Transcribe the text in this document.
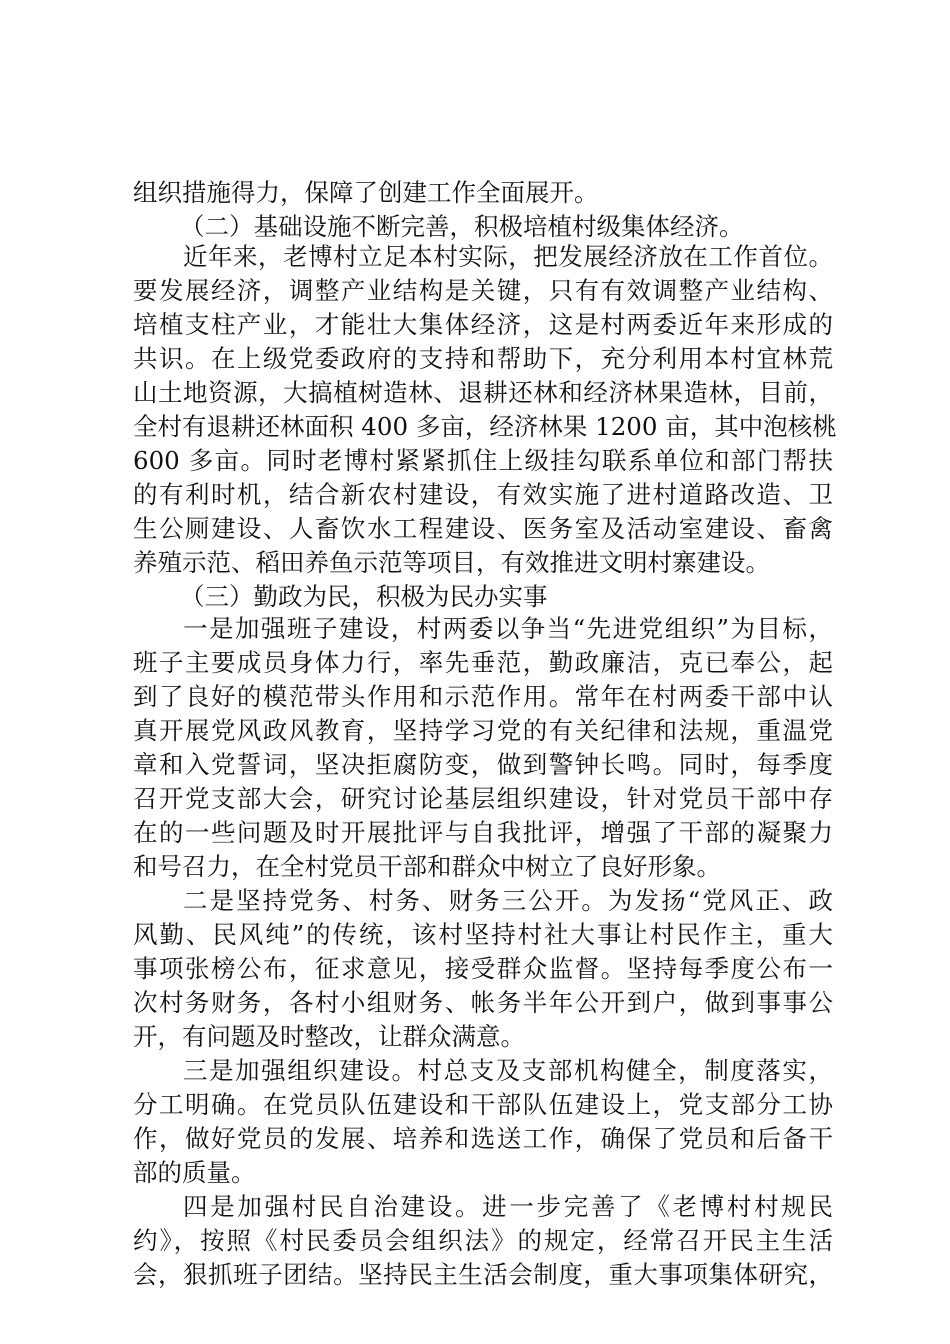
组织措施得力，保障了创建工作全面展开。

（二）基础设施不断完善，积极培植村级集体经济。

近年来，老博村立足本村实际，把发展经济放在工作首位。

要发展经济，调整产业结构是关键，只有有效调整产业结构、

培植支柱产业，才能壮大集体经济，这是村两委近年来形成的

共识。在上级党委政府的支持和帮助下，充分利用本村宜林荒

山土地资源，大搞植树造林、退耕还林和经济林果造林，目前，

全村有退耕还林面积 400 多亩，经济林果 1200 亩，其中泡核桃

600 多亩。同时老博村紧紧抓住上级挂勾联系单位和部门帮扶

的有利时机，结合新农村建设，有效实施了进村道路改造、卫

生公厕建设、人畜饮水工程建设、医务室及活动室建设、畜禽

养殖示范、稻田养鱼示范等项目，有效推进文明村寨建设。

（三）勤政为民，积极为民办实事

一是加强班子建设，村两委以争当“先进党组织”为目标，

班子主要成员身体力行，率先垂范，勤政廉洁，克已奉公，起

到了良好的模范带头作用和示范作用。常年在村两委干部中认

真开展党风政风教育，坚持学习党的有关纪律和法规，重温党

章和入党誓词，坚决拒腐防变，做到警钟长鸣。同时，每季度

召开党支部大会，研究讨论基层组织建设，针对党员干部中存

在的一些问题及时开展批评与自我批评，增强了干部的凝聚力

和号召力，在全村党员干部和群众中树立了良好形象。

二是坚持党务、村务、财务三公开。为发扬“党风正、政

风勤、民风纯”的传统，该村坚持村社大事让村民作主，重大

事项张榜公布，征求意见，接受群众监督。坚持每季度公布一

次村务财务，各村小组财务、帐务半年公开到户，做到事事公

开，有问题及时整改，让群众满意。

三是加强组织建设。村总支及支部机构健全，制度落实，

分工明确。在党员队伍建设和干部队伍建设上，党支部分工协

作，做好党员的发展、培养和选送工作，确保了党员和后备干

部的质量。

四是加强村民自治建设。进一步完善了《老博村村规民

约》，按照《村民委员会组织法》的规定，经常召开民主生活

会，狠抓班子团结。坚持民主生活会制度，重大事项集体研究，
